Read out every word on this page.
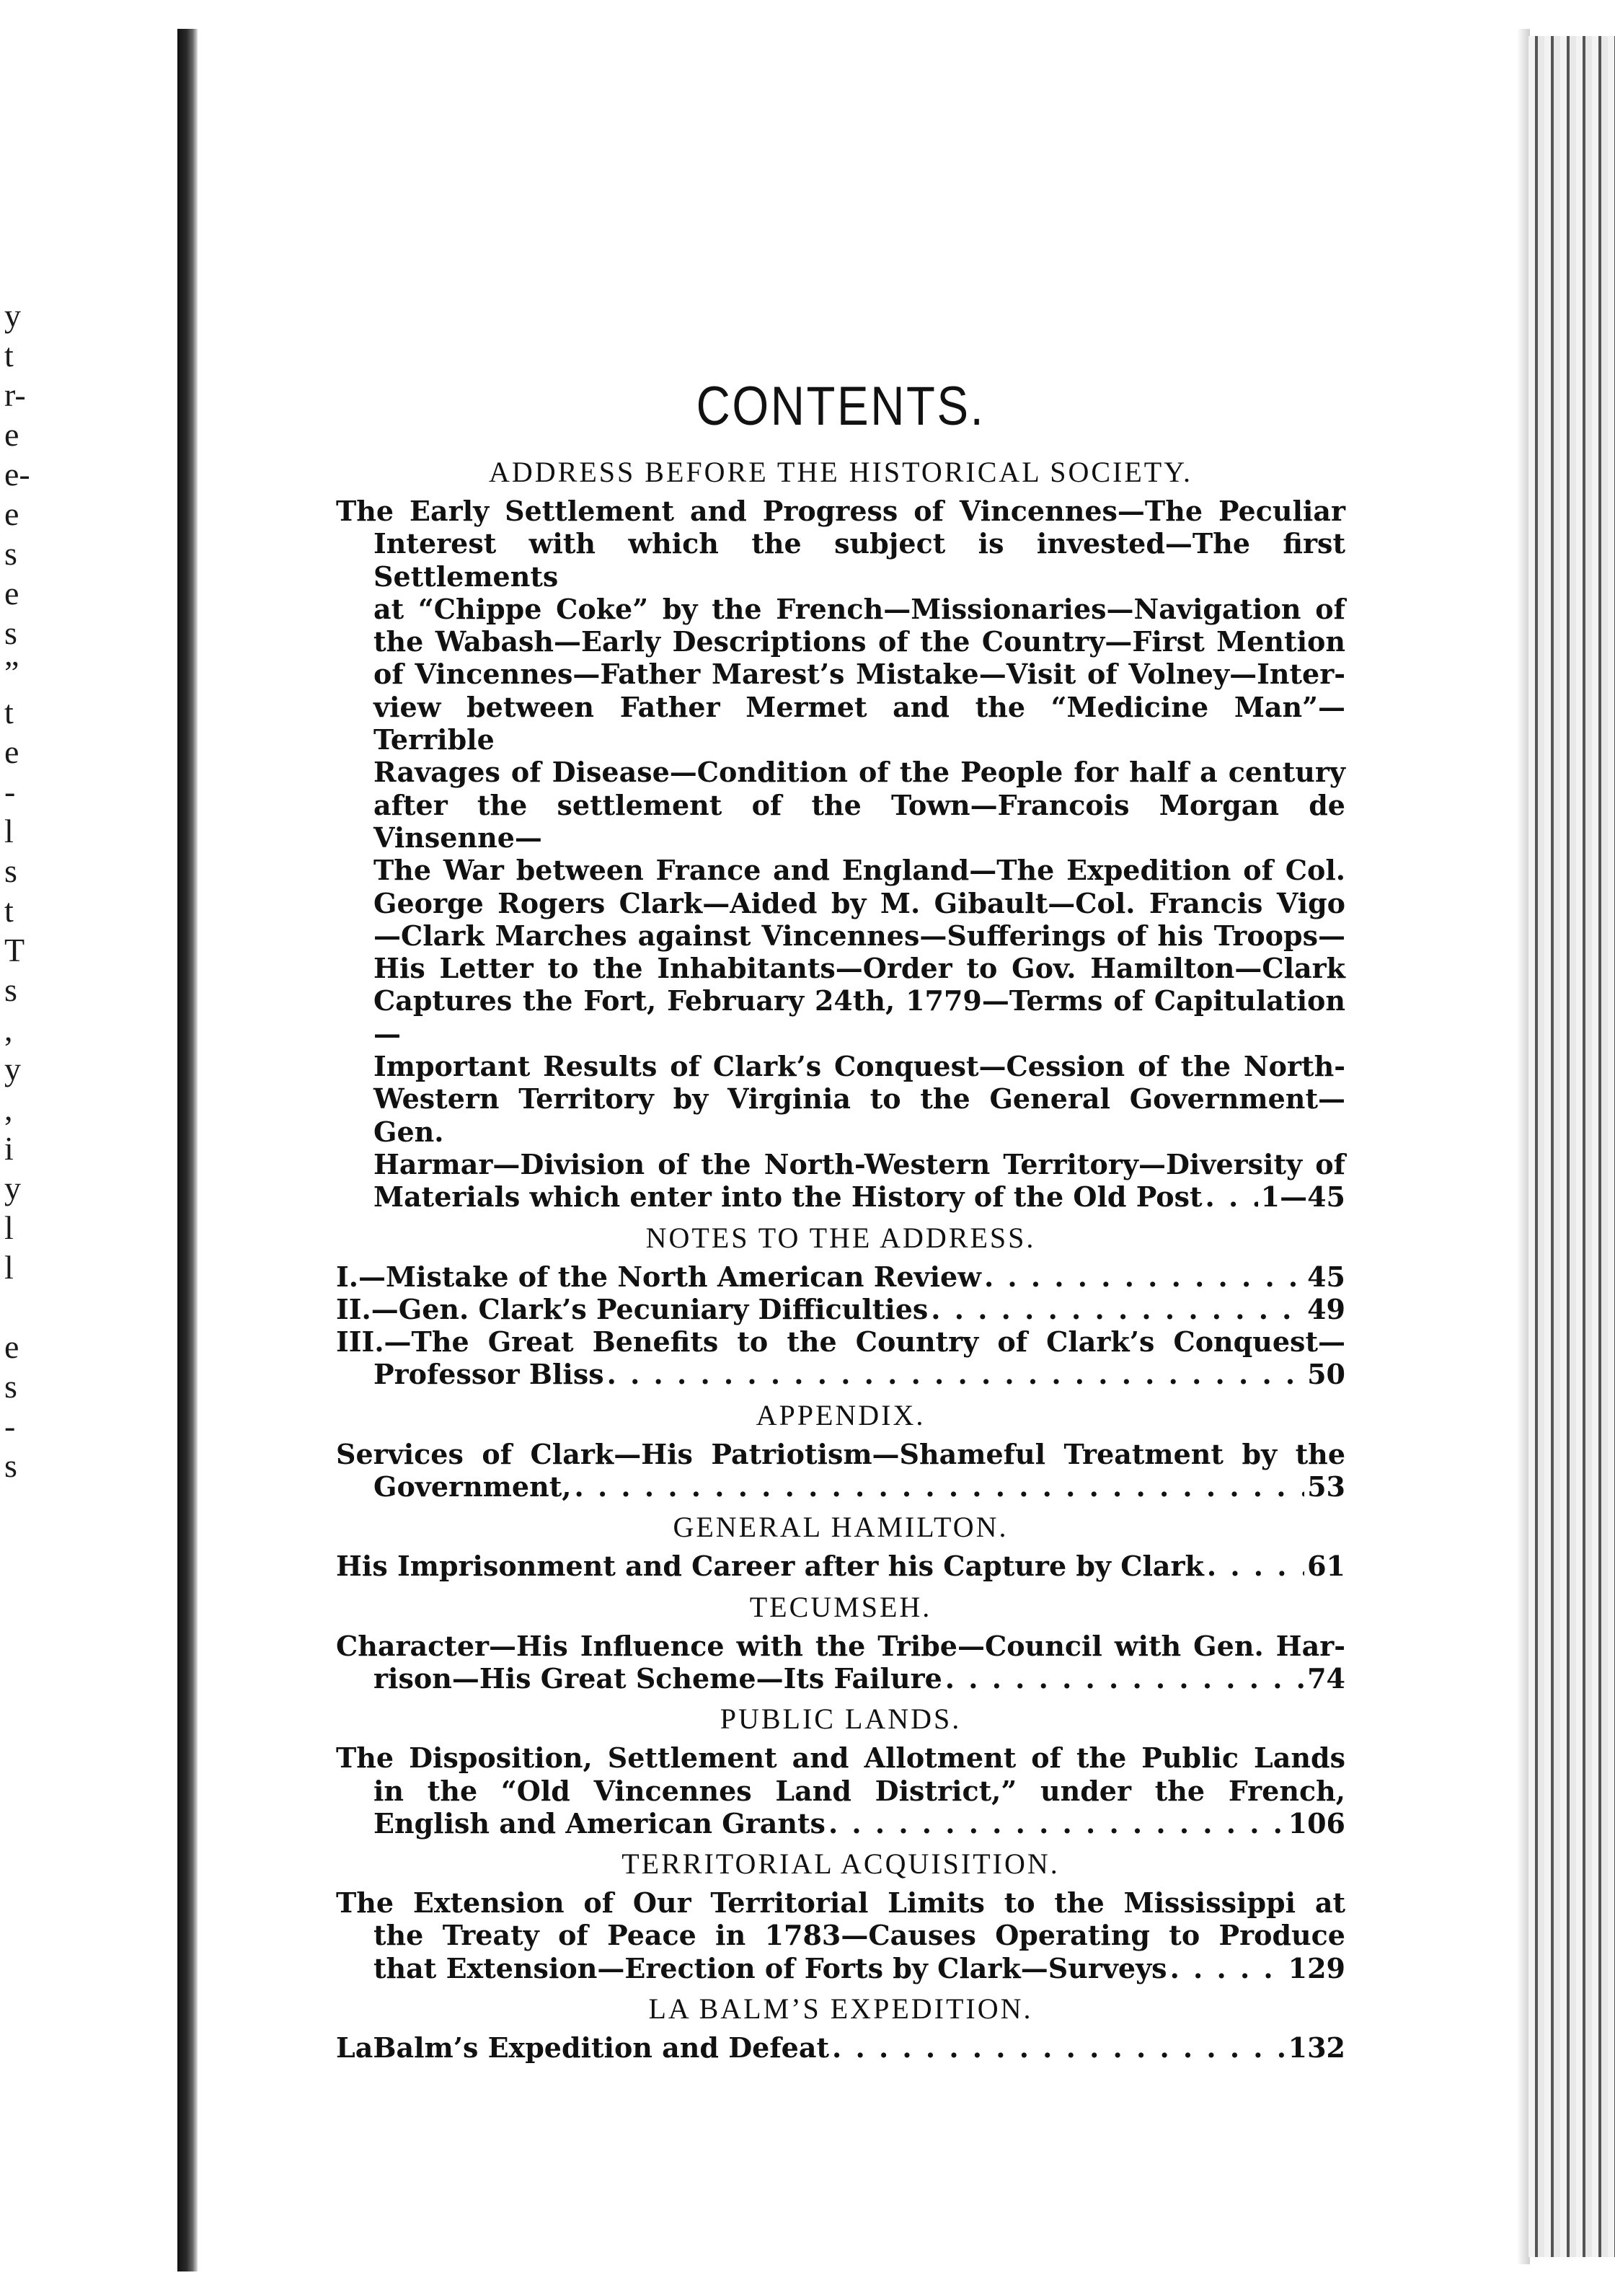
y
t
r-
e
e-
e
s
e
s
”
t
e
-
l
s
t
T
s
,
y
,
i
y
l
l
e
s
-
s
CONTENTS.
ADDRESS BEFORE THE HISTORICAL SOCIETY.
The Early Settlement and Progress of Vincennes—The Peculiar
Interest with which the subject is invested—The first Settlements
at “Chippe Coke” by the French—Missionaries—Navigation of
the Wabash—Early Descriptions of the Country—First Mention
of Vincennes—Father Marest’s Mistake—Visit of Volney—Inter-
view between Father Mermet and the “Medicine Man”—Terrible
Ravages of Disease—Condition of the People for half a century
after the settlement of the Town—Francois Morgan de Vinsenne—
The War between France and England—The Expedition of Col.
George Rogers Clark—Aided by M. Gibault—Col. Francis Vigo
—Clark Marches against Vincennes—Sufferings of his Troops—
His Letter to the Inhabitants—Order to Gov. Hamilton—Clark
Captures the Fort, February 24th, 1779—Terms of Capitulation—
Important Results of Clark’s Conquest—Cession of the North-
Western Territory by Virginia to the General Government—Gen.
Harmar—Division of the North-Western Territory—Diversity of
Materials which enter into the History of the Old Post . . . 1—45
NOTES TO THE ADDRESS.
I.—Mistake of the North American Review . . .	45
II.—Gen. Clark’s Pecuniary Difficulties . . .	49
III.—The Great Benefits to the Country of Clark’s Conquest—
Professor Bliss . . .	50
APPENDIX.
Services of Clark—His Patriotism—Shameful Treatment by the
Government, . . .	53
GENERAL HAMILTON.
His Imprisonment and Career after his Capture by Clark . . .	61
TECUMSEH.
Character—His Influence with the Tribe—Council with Gen. Har-
rison—His Great Scheme—Its Failure . . .	74
PUBLIC LANDS.
The Disposition, Settlement and Allotment of the Public Lands
in the “Old Vincennes Land District,” under the French,
English and American Grants . . .	106
TERRITORIAL ACQUISITION.
The Extension of Our Territorial Limits to the Mississippi at
the Treaty of Peace in 1783—Causes Operating to Produce
that Extension—Erection of Forts by Clark—Surveys . . .	129
LA BALM’S EXPEDITION.
LaBalm’s Expedition and Defeat . . .	132
